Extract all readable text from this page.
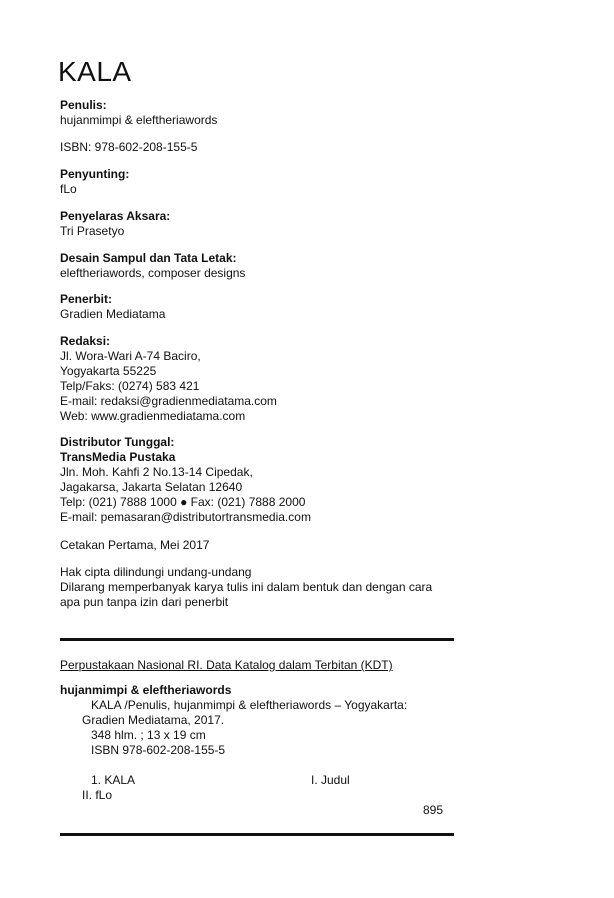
KALA
Penulis:
hujanmimpi & eleftheriawords
ISBN: 978-602-208-155-5
Penyunting:
fLo
Penyelaras Aksara:
Tri Prasetyo
Desain Sampul dan Tata Letak:
eleftheriawords, composer designs
Penerbit:
Gradien Mediatama
Redaksi:
Jl. Wora-Wari A-74 Baciro,
Yogyakarta 55225
Telp/Faks: (0274) 583 421
E-mail: redaksi@gradienmediatama.com
Web: www.gradienmediatama.com
Distributor Tunggal:
TransMedia Pustaka
Jln. Moh. Kahfi 2 No.13-14 Cipedak,
Jagakarsa, Jakarta Selatan 12640
Telp: (021) 7888 1000 ● Fax: (021) 7888 2000
E-mail: pemasaran@distributortransmedia.com
Cetakan Pertama, Mei 2017
Hak cipta dilindungi undang-undang
Dilarang memperbanyak karya tulis ini dalam bentuk dan dengan cara
apa pun tanpa izin dari penerbit
Perpustakaan Nasional RI. Data Katalog dalam Terbitan (KDT)
hujanmimpi & eleftheriawords
KALA /Penulis, hujanmimpi & eleftheriawords – Yogyakarta:
Gradien Mediatama, 2017.
348 hlm. ; 13 x 19 cm
ISBN 978-602-208-155-5
1. KALA	I. Judul
II. fLo
895
